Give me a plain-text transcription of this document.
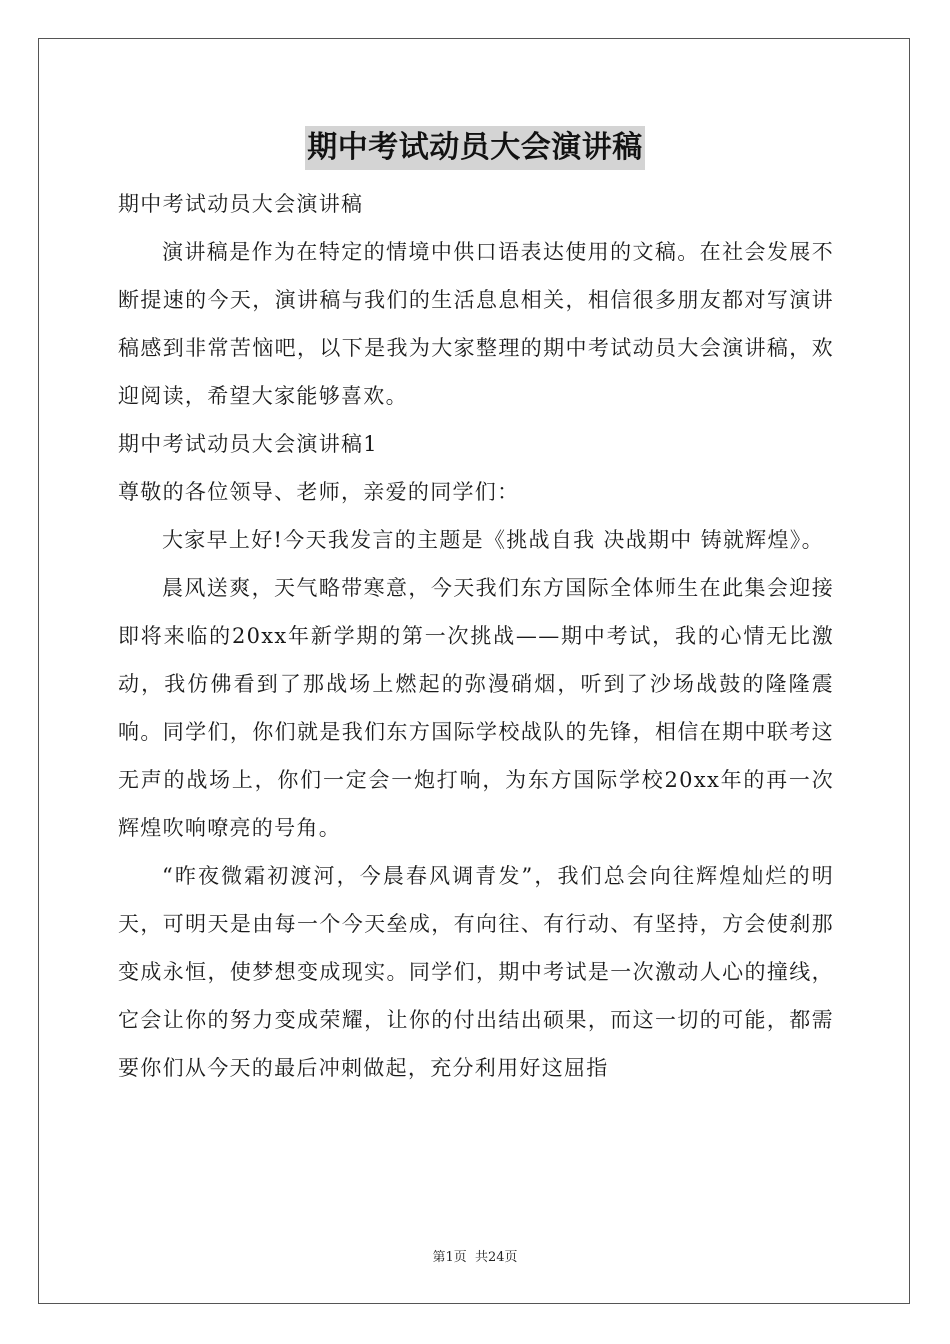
期中考试动员大会演讲稿

期中考试动员大会演讲稿

演讲稿是作为在特定的情境中供口语表达使用的文稿。在社会发展不断提速的今天，演讲稿与我们的生活息息相关，相信很多朋友都对写演讲稿感到非常苦恼吧，以下是我为大家整理的期中考试动员大会演讲稿，欢迎阅读，希望大家能够喜欢。

期中考试动员大会演讲稿1

尊敬的各位领导、老师，亲爱的同学们：

大家早上好!今天我发言的主题是《挑战自我 决战期中 铸就辉煌》。

晨风送爽，天气略带寒意，今天我们东方国际全体师生在此集会迎接即将来临的20xx年新学期的第一次挑战——期中考试，我的心情无比激动，我仿佛看到了那战场上燃起的弥漫硝烟，听到了沙场战鼓的隆隆震响。同学们，你们就是我们东方国际学校战队的先锋，相信在期中联考这无声的战场上，你们一定会一炮打响，为东方国际学校20xx年的再一次辉煌吹响嘹亮的号角。

“昨夜微霜初渡河，今晨春风调青发”，我们总会向往辉煌灿烂的明天，可明天是由每一个今天垒成，有向往、有行动、有坚持，方会使刹那变成永恒，使梦想变成现实。同学们，期中考试是一次激动人心的撞线，它会让你的努力变成荣耀，让你的付出结出硕果，而这一切的可能，都需要你们从今天的最后冲刺做起，充分利用好这屈指

第1页 共24页
